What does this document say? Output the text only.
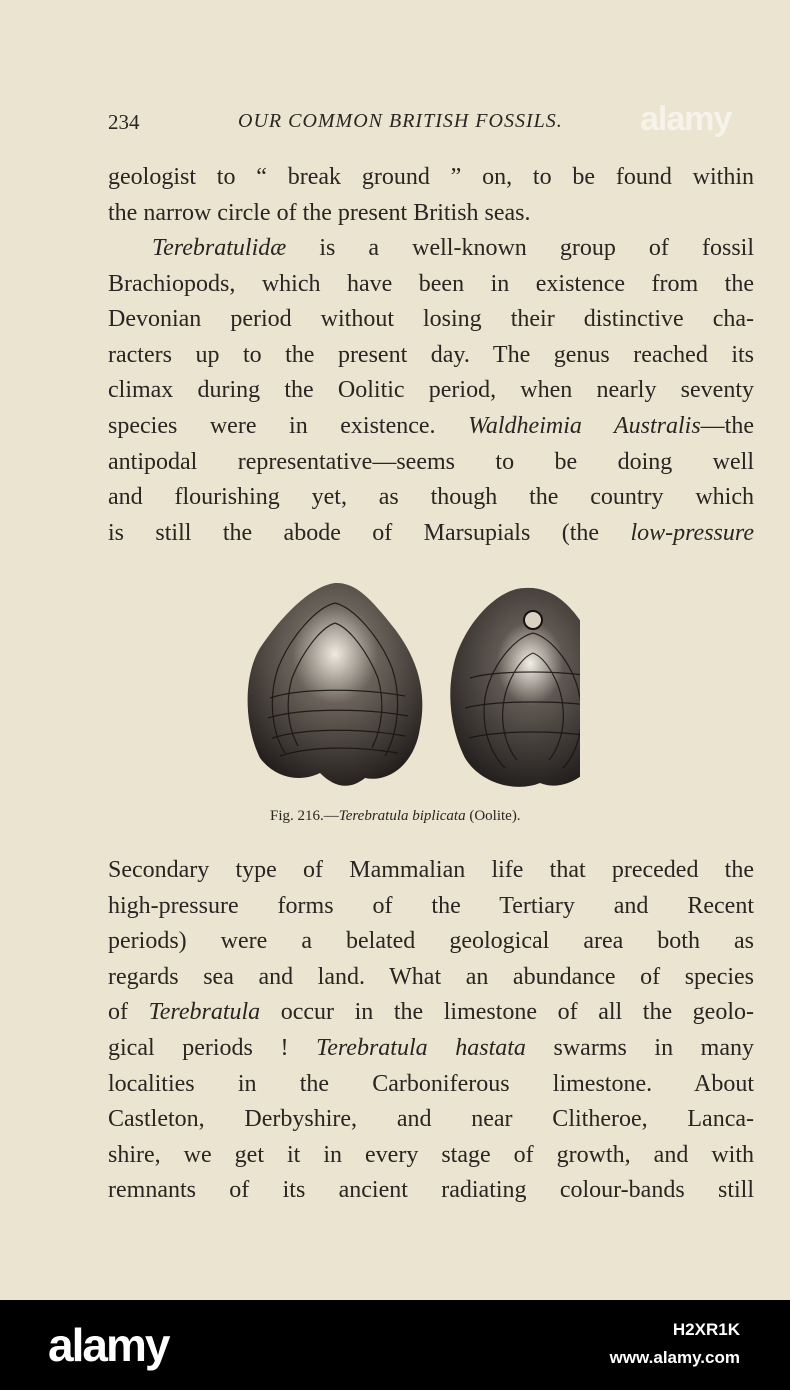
234	OUR COMMON BRITISH FOSSILS. alamy
geologist to “ break ground ” on, to be found within
the narrow circle of the present British seas.
Terebratulidæ is a well-known group of fossil
Brachiopods, which have been in existence from the
Devonian period without losing their distinctive cha-
racters up to the present day. The genus reached its
climax during the Oolitic period, when nearly seventy
species were in existence. Waldheimia Australis—the
antipodal representative—seems to be doing well
and flourishing yet, as though the country which
is still the abode of Marsupials (the low-pressure
Fig. 216.—Terebratula biplicata (Oolite).
Secondary type of Mammalian life that preceded the
high-pressure forms of the Tertiary and Recent
periods) were a belated geological area both as
regards sea and land. What an abundance of species
of Terebratula occur in the limestone of all the geolo-
gical periods ! Terebratula hastata swarms in many
localities in the Carboniferous limestone. About
Castleton, Derbyshire, and near Clitheroe, Lanca-
shire, we get it in every stage of growth, and with
remnants of its ancient radiating colour-bands still
alamy	H2XR1K
www.alamy.com
